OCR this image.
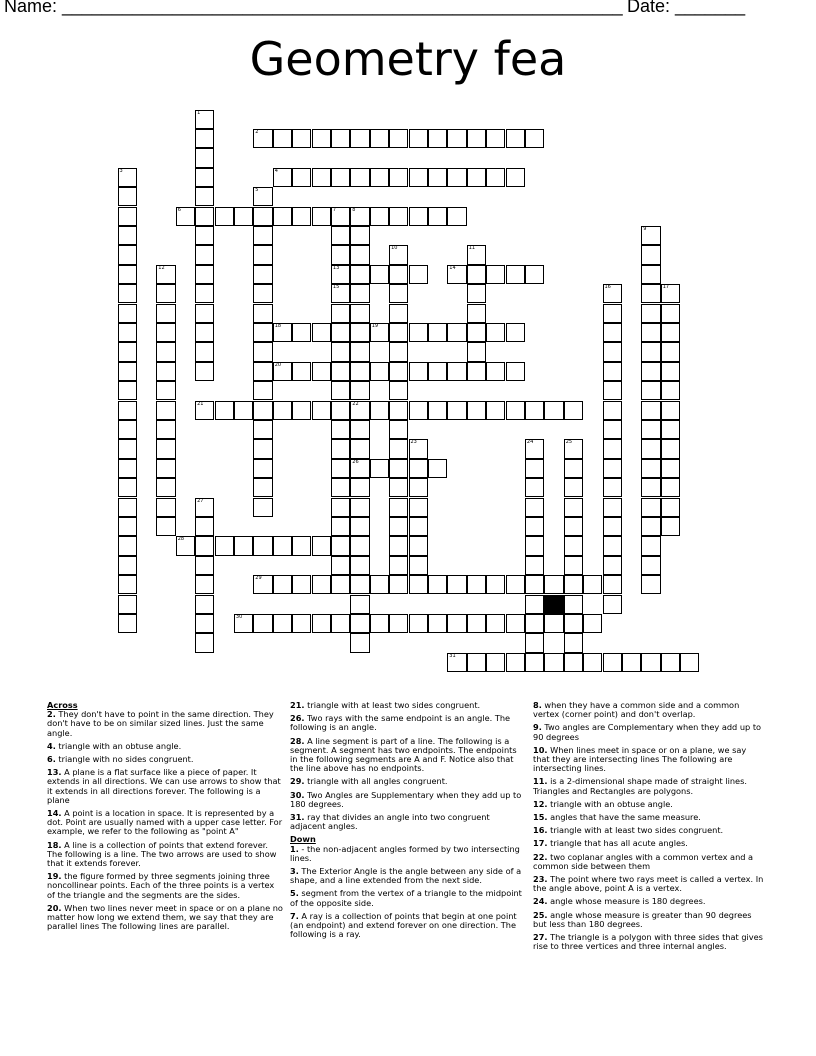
Name: ________________________________________________________ Date: _______
Geometry fea
2
4
6	7	8
13	14
18	19
20
21	22
26
28
29
30
31
1
3
5
15
9
10	11
12
16	17
23	24	25
27
Across
2. They don't have to point in the same direction. They don't have to be on similar sized lines. Just the same angle.
4. triangle with an obtuse angle.
6. triangle with no sides congruent.
13. A plane is a flat surface like a piece of paper. It extends in all directions. We can use arrows to show that it extends in all directions forever. The following is a plane
14. A point is a location in space. It is represented by a dot. Point are usually named with a upper case letter. For example, we refer to the following as "point A"
18. A line is a collection of points that extend forever. The following is a line. The two arrows are used to show that it extends forever.
19. the figure formed by three segments joining three noncollinear points. Each of the three points is a vertex of the triangle and the segments are the sides.
20. When two lines never meet in space or on a plane no matter how long we extend them, we say that they are parallel lines The following lines are parallel.
21. triangle with at least two sides congruent.
26. Two rays with the same endpoint is an angle. The following is an angle.
28. A line segment is part of a line. The following is a segment. A segment has two endpoints. The endpoints in the following segments are A and F. Notice also that the line above has no endpoints.
29. triangle with all angles congruent.
30. Two Angles are Supplementary when they add up to 180 degrees.
31. ray that divides an angle into two congruent adjacent angles.
Down
1. - the non-adjacent angles formed by two intersecting lines.
3. The Exterior Angle is the angle between any side of a shape, and a line extended from the next side.
5. segment from the vertex of a triangle to the midpoint of the opposite side.
7. A ray is a collection of points that begin at one point (an endpoint) and extend forever on one direction. The following is a ray.
8. when they have a common side and a common vertex (corner point) and don't overlap.
9. Two angles are Complementary when they add up to 90 degrees
10. When lines meet in space or on a plane, we say that they are intersecting lines The following are intersecting lines.
11. is a 2-dimensional shape made of straight lines. Triangles and Rectangles are polygons.
12. triangle with an obtuse angle.
15. angles that have the same measure.
16. triangle with at least two sides congruent.
17. triangle that has all acute angles.
22. two coplanar angles with a common vertex and a common side between them
23. The point where two rays meet is called a vertex. In the angle above, point A is a vertex.
24. angle whose measure is 180 degrees.
25. angle whose measure is greater than 90 degrees but less than 180 degrees.
27. The triangle is a polygon with three sides that gives rise to three vertices and three internal angles.
